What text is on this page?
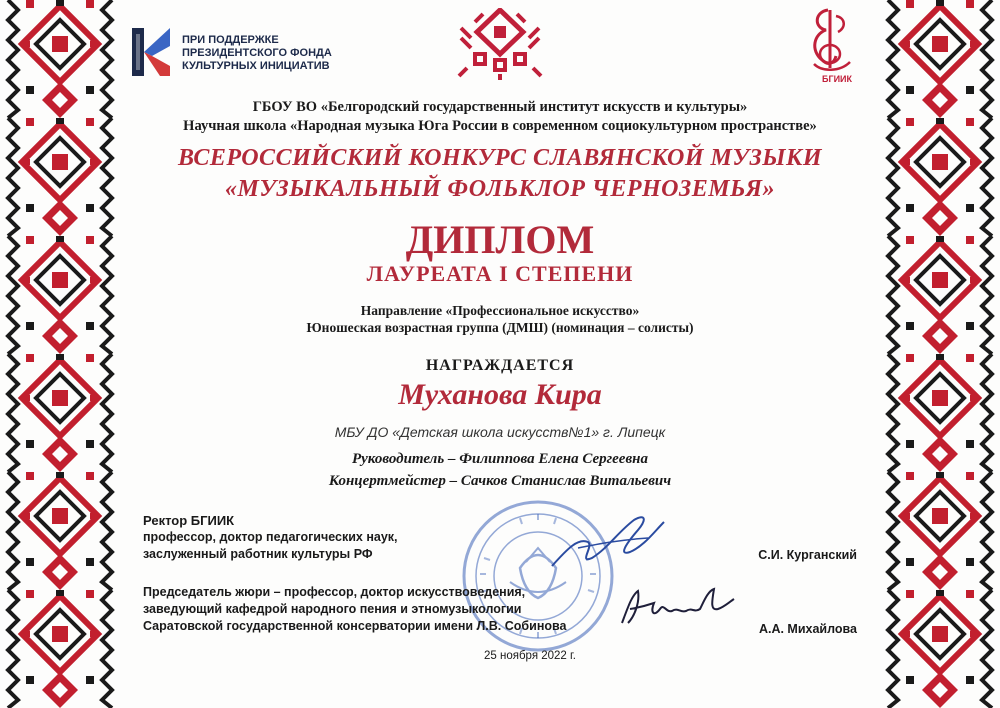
ПРИ ПОДДЕРЖКЕ
ПРЕЗИДЕНТСКОГО ФОНДА
КУЛЬТУРНЫХ ИНИЦИАТИВ
БГИИК
ГБОУ ВО «Белгородский государственный институт искусств и культуры»
Научная школа «Народная музыка Юга России в современном социокультурном пространстве»
ВСЕРОССИЙСКИЙ КОНКУРС СЛАВЯНСКОЙ МУЗЫКИ
«МУЗЫКАЛЬНЫЙ ФОЛЬКЛОР ЧЕРНОЗЕМЬЯ»
ДИПЛОМ
ЛАУРЕАТА I СТЕПЕНИ
Направление «Профессиональное искусство»
Юношеская возрастная группа (ДМШ) (номинация – солисты)
НАГРАЖДАЕТСЯ
Муханова Кира
МБУ ДО «Детская школа искусств№1» г. Липецк
Руководитель – Филиппова Елена Сергеевна
Концертмейстер – Сачков Станислав Витальевич
Ректор БГИИК
профессор, доктор педагогических наук,
заслуженный работник культуры РФ	С.И. Курганский
Председатель жюри – профессор, доктор искусствоведения,
заведующий кафедрой народного пения и этномузыкологии
Саратовской государственной консерватории имени Л.В. Собинова	А.А. Михайлова
25 ноября 2022 г.
